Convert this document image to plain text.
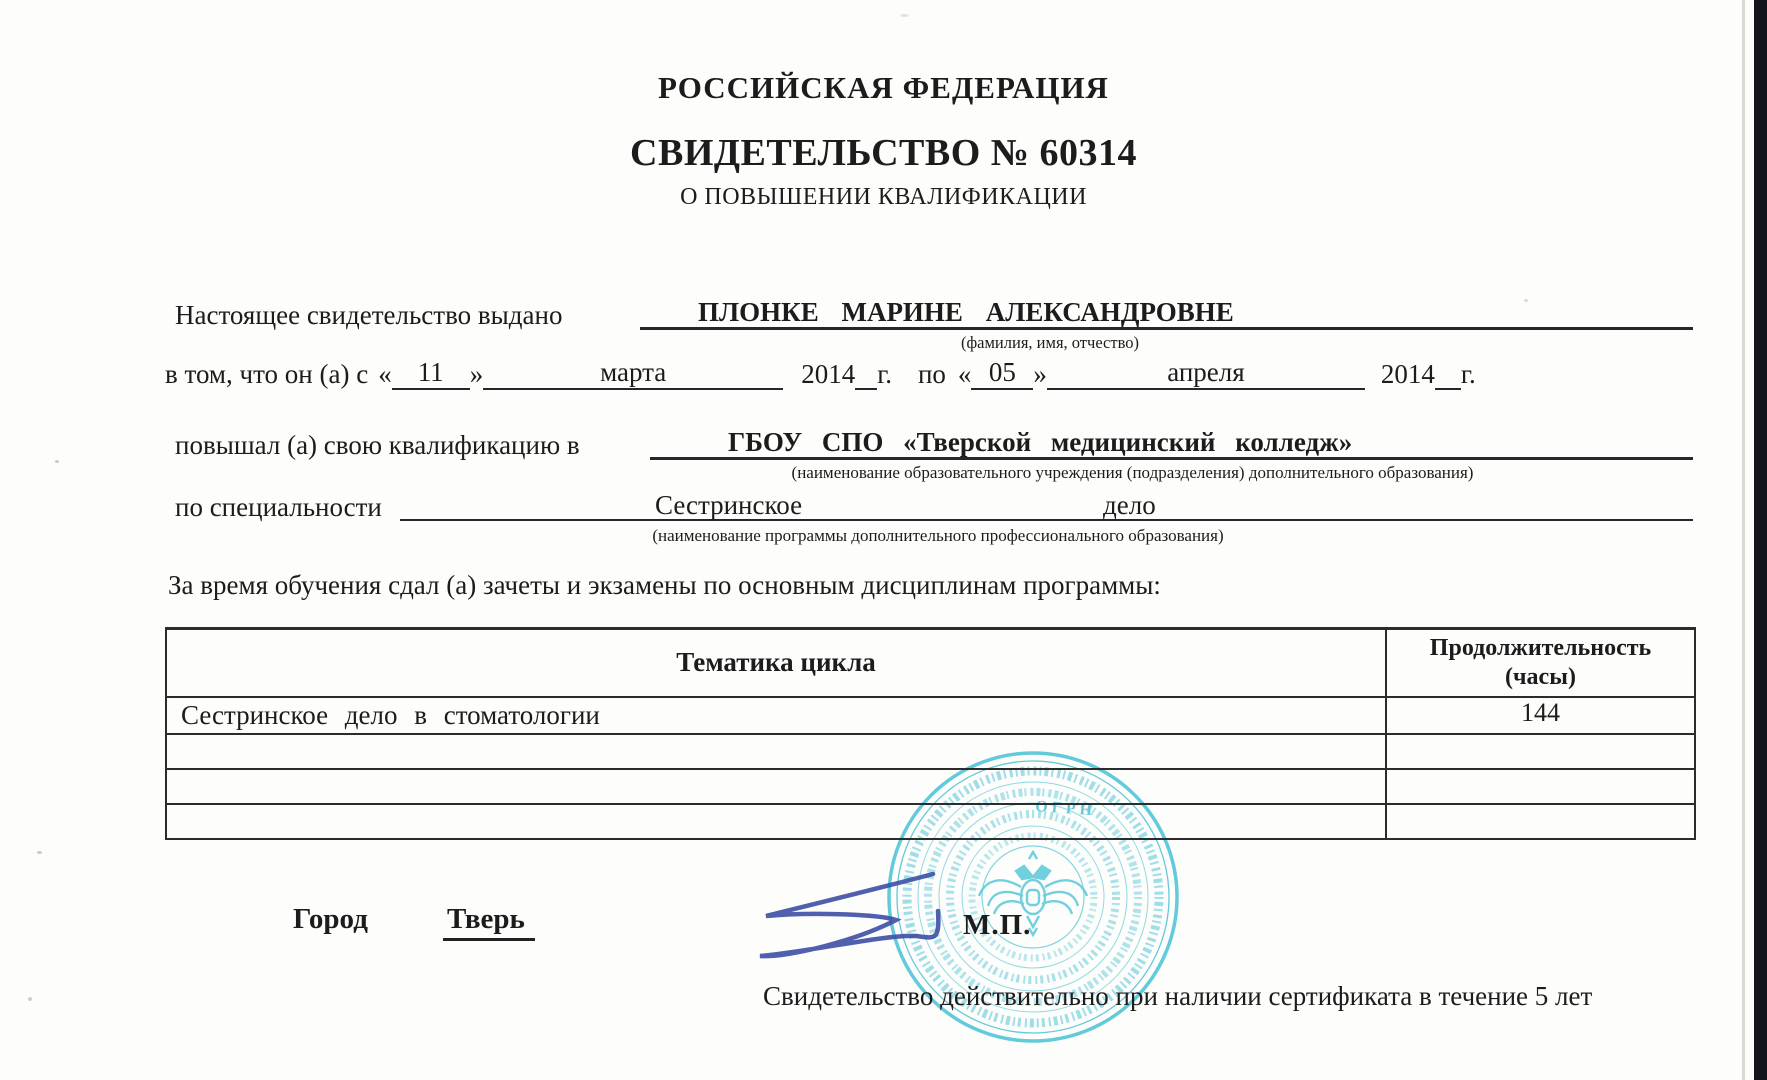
РОССИЙСКАЯ ФЕДЕРАЦИЯ
СВИДЕТЕЛЬСТВО № 60314
О ПОВЫШЕНИИ КВАЛИФИКАЦИИ
Настоящее свидетельство выдано	ПЛОНКЕ МАРИНЕ АЛЕКСАНДРОВНЕ
(фамилия, имя, отчество)
в том, что он (а) с « 11 »	марта	2014 г. по « 05 »	апреля	2014 г.
повышал (а) свою квалификацию в	ГБОУ СПО «Тверской медицинский колледж»
(наименование образовательного учреждения (подразделения) дополнительного образования)
по специальности	Сестринское	дело
(наименование программы дополнительного профессионального образования)
За время обучения сдал (а) зачеты и экзамены по основным дисциплинам программы:
ОГРН
Тематика цикла	Продолжительность
(часы)

Сестринское дело в стоматологии	144

Город	Тверь	М.П.
Свидетельство действительно при наличии сертификата в течение 5 лет
